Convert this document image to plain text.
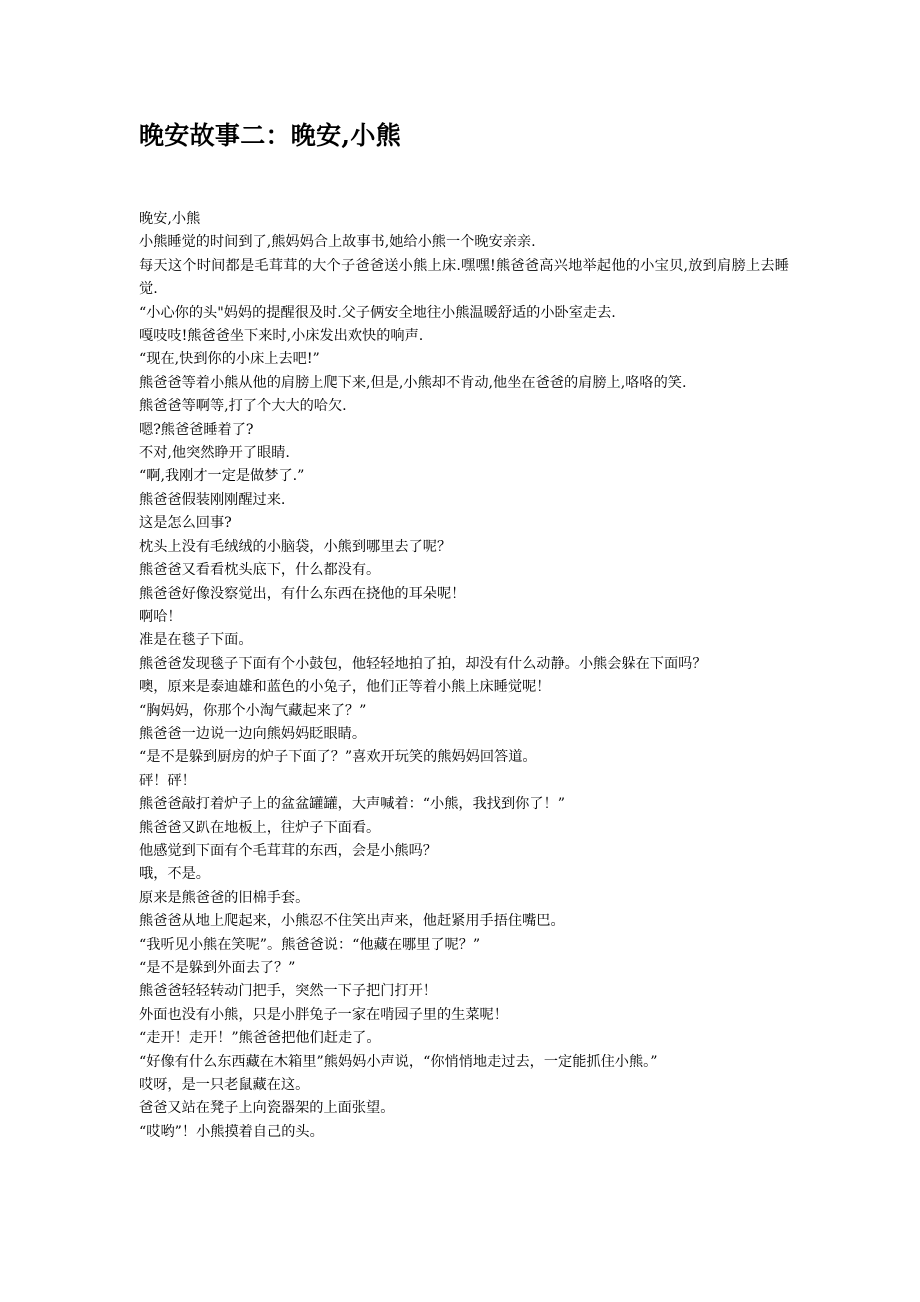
晚安故事二：晚安,小熊

晚安,小熊

小熊睡觉的时间到了,熊妈妈合上故事书,她给小熊一个晚安亲亲.

每天这个时间都是毛茸茸的大个子爸爸送小熊上床.嘿嘿!熊爸爸高兴地举起他的小宝贝,放到肩膀上去睡觉.

“小心你的头"妈妈的提醒很及时.父子俩安全地往小熊温暖舒适的小卧室走去.

嘎吱吱!熊爸爸坐下来时,小床发出欢快的响声.

“现在,快到你的小床上去吧!”

熊爸爸等着小熊从他的肩膀上爬下来,但是,小熊却不肯动,他坐在爸爸的肩膀上,咯咯的笑.

熊爸爸等啊等,打了个大大的哈欠.

嗯?熊爸爸睡着了?

不对,他突然睁开了眼睛.

“啊,我刚才一定是做梦了.”

熊爸爸假装刚刚醒过来.

这是怎么回事?

枕头上没有毛绒绒的小脑袋，小熊到哪里去了呢？

熊爸爸又看看枕头底下，什么都没有。

熊爸爸好像没察觉出，有什么东西在挠他的耳朵呢！

啊哈！

准是在毯子下面。

熊爸爸发现毯子下面有个小鼓包，他轻轻地拍了拍，却没有什么动静。小熊会躲在下面吗？

噢，原来是泰迪雄和蓝色的小兔子，他们正等着小熊上床睡觉呢！

“胸妈妈，你那个小淘气藏起来了？”

熊爸爸一边说一边向熊妈妈眨眼睛。

“是不是躲到厨房的炉子下面了？”喜欢开玩笑的熊妈妈回答道。

砰！砰！

熊爸爸敲打着炉子上的盆盆罐罐，大声喊着：“小熊，我找到你了！”

熊爸爸又趴在地板上，往炉子下面看。

他感觉到下面有个毛茸茸的东西，会是小熊吗？

哦，不是。

原来是熊爸爸的旧棉手套。

熊爸爸从地上爬起来，小熊忍不住笑出声来，他赶紧用手捂住嘴巴。

“我听见小熊在笑呢”。熊爸爸说：“他藏在哪里了呢？”

“是不是躲到外面去了？”

熊爸爸轻轻转动门把手，突然一下子把门打开！

外面也没有小熊，只是小胖兔子一家在啃园子里的生菜呢！

“走开！走开！”熊爸爸把他们赶走了。

“好像有什么东西藏在木箱里”熊妈妈小声说，“你悄悄地走过去，一定能抓住小熊。”

哎呀，是一只老鼠藏在这。

爸爸又站在凳子上向瓷器架的上面张望。

“哎哟”！小熊摸着自己的头。
